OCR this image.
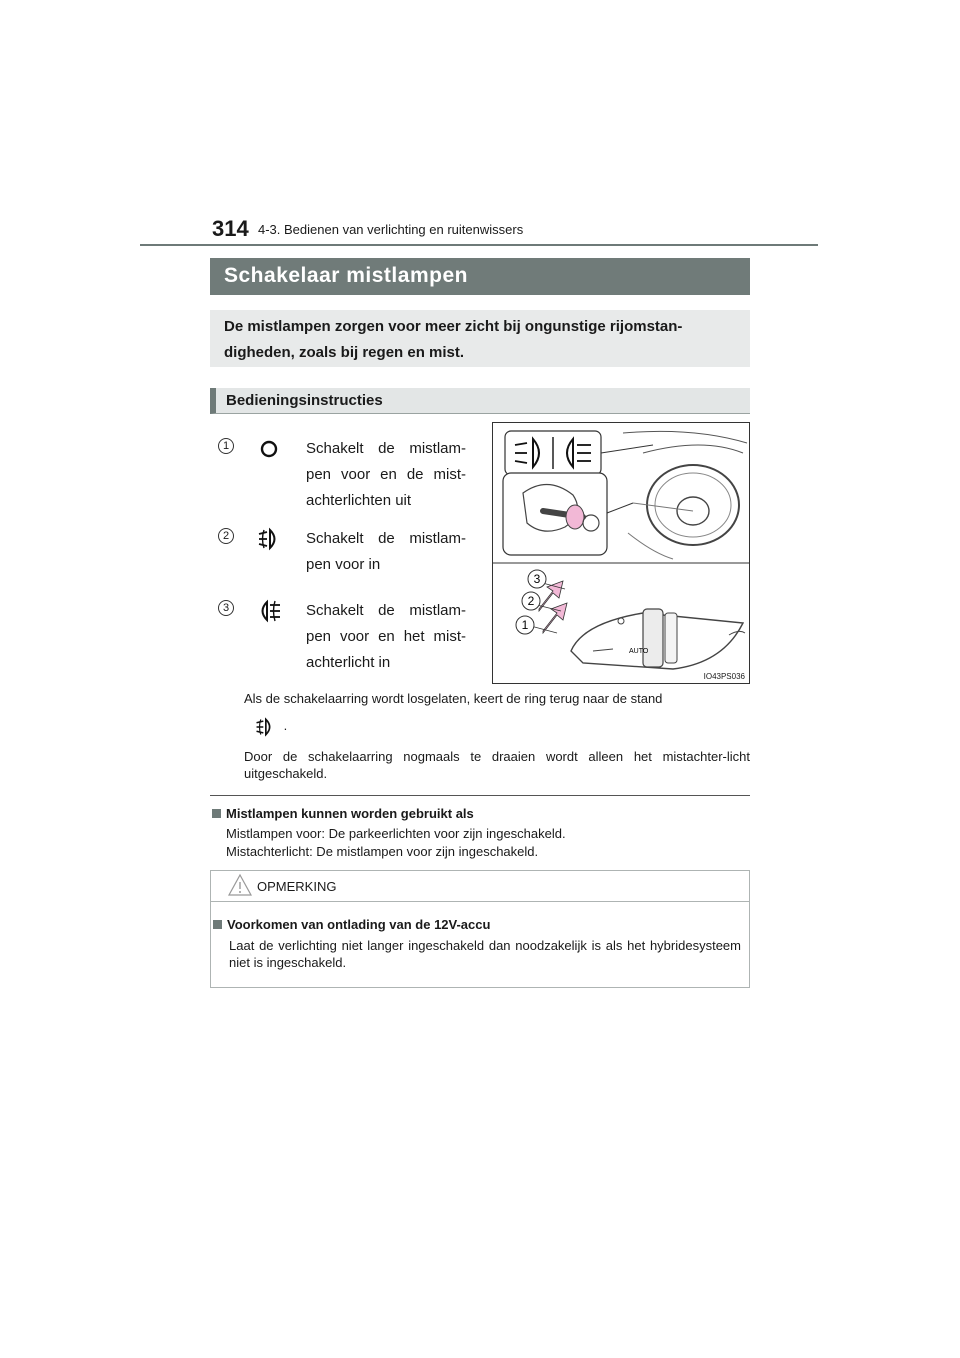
314 4-3. Bedienen van verlichting en ruitenwissers
Schakelaar mistlampen
De mistlampen zorgen voor meer zicht bij ongunstige rijomstan-digheden, zoals bij regen en mist.
Bedieningsinstructies
1	Schakelt de mistlam-pen voor en de mist-achterlichten uit
2	Schakelt de mistlam-pen voor in
3	Schakelt de mistlam-pen voor en het mist-achterlicht in
AUTO
3
2
1
IO43PS036
Als de schakelaarring wordt losgelaten, keert de ring terug naar de stand
.
Door de schakelaarring nogmaals te draaien wordt alleen het mistachter-licht uitgeschakeld.
Mistlampen kunnen worden gebruikt als
Mistlampen voor: De parkeerlichten voor zijn ingeschakeld.
Mistachterlicht: De mistlampen voor zijn ingeschakeld.
OPMERKING
Voorkomen van ontlading van de 12V-accu
Laat de verlichting niet langer ingeschakeld dan noodzakelijk is als het hybridesysteem niet is ingeschakeld.
